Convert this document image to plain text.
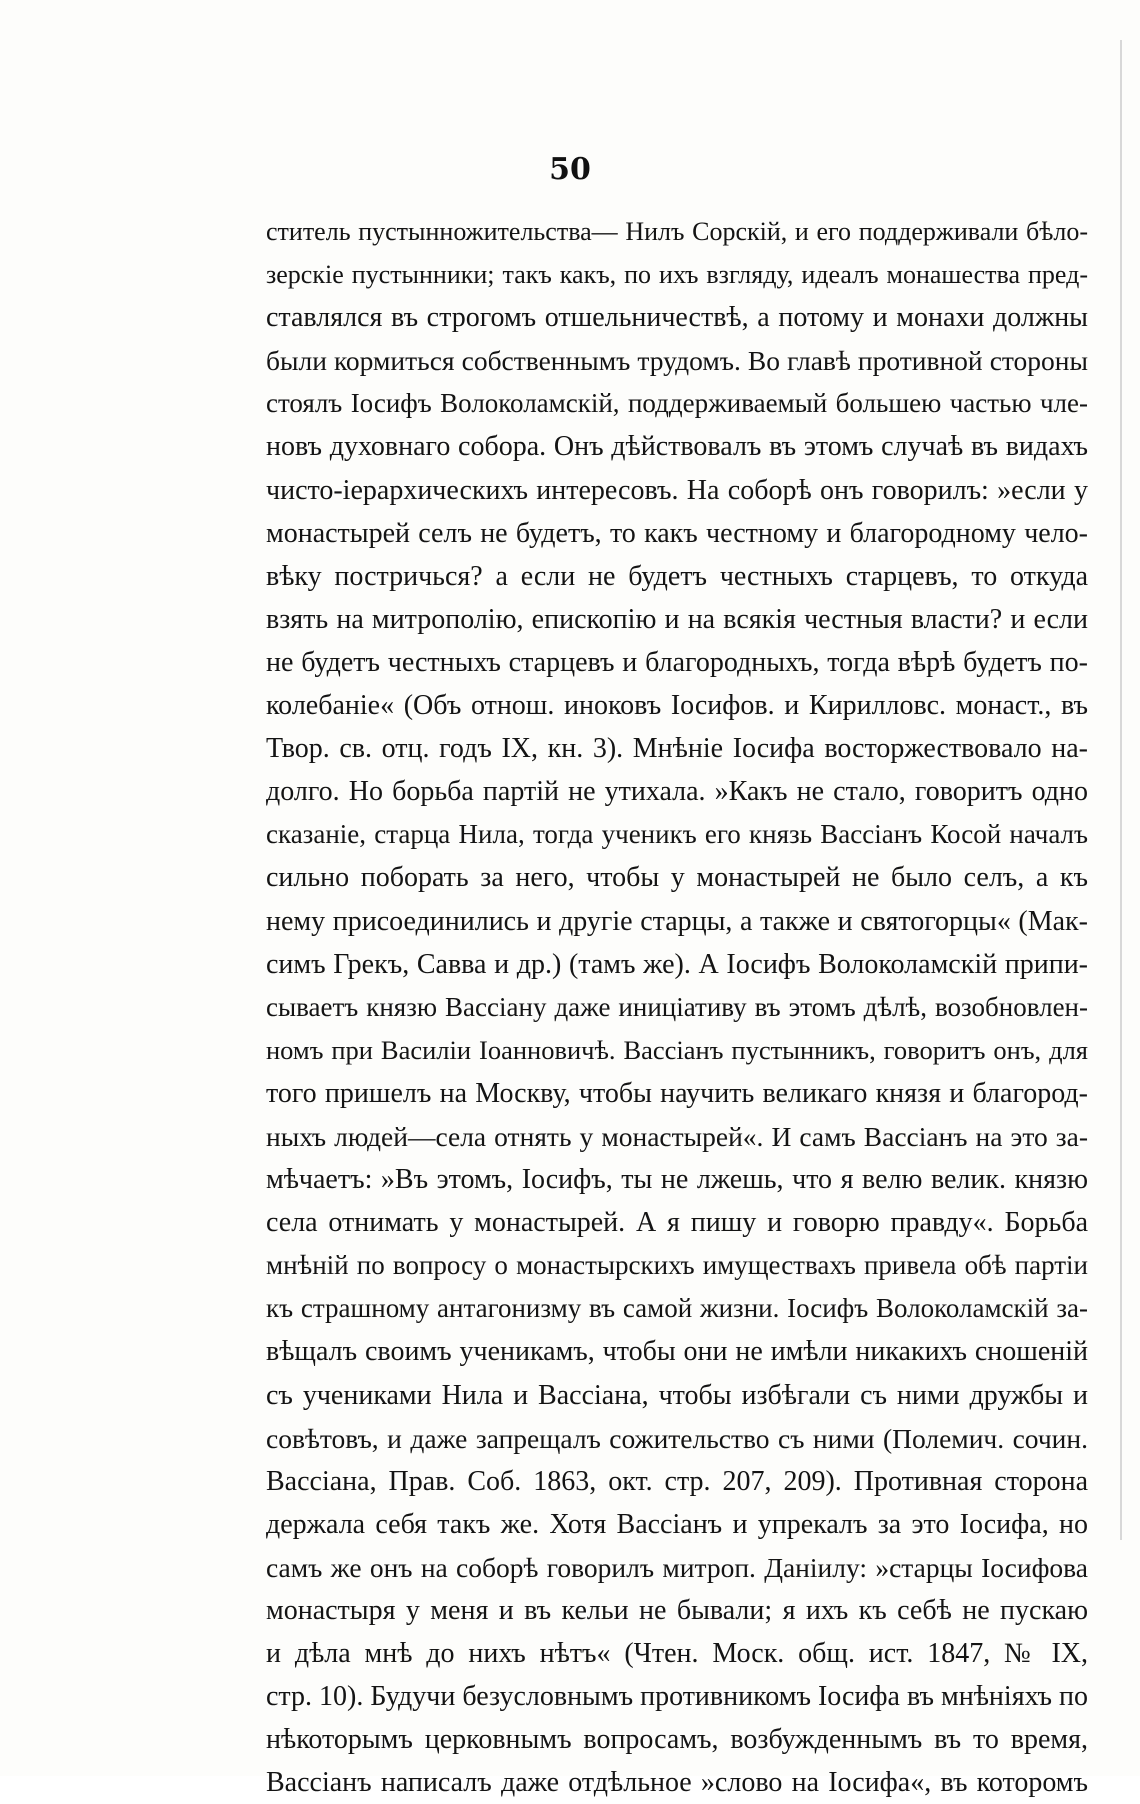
50
ститель пустынножительства— Нилъ Сорскій, и его поддерживали бѣло-
зерскіе пустынники; такъ какъ, по ихъ взгляду, идеалъ монашества пред-
ставлялся въ строгомъ отшельничествѣ, а потому и монахи должны
были кормиться собственнымъ трудомъ. Во главѣ противной стороны
стоялъ Іосифъ Волоколамскій, поддерживаемый большею частью чле-
новъ духовнаго собора. Онъ дѣйствовалъ въ этомъ случаѣ въ видахъ
чисто-іерархическихъ интересовъ. На соборѣ онъ говорилъ: »если у
монастырей селъ не будетъ, то какъ честному и благородному чело-
вѣку постричься? а если не будетъ честныхъ старцевъ, то откуда
взять на митрополію, епископію и на всякія честныя власти? и если
не будетъ честныхъ старцевъ и благородныхъ, тогда вѣрѣ будетъ по-
колебаніе« (Объ отнош. иноковъ Іосифов. и Кирилловс. монаст., въ
Твор. св. отц. годъ IX, кн. 3). Мнѣніе Іосифа восторжествовало на-
долго. Но борьба партій не утихала. »Какъ не стало, говоритъ одно
сказаніе, старца Нила, тогда ученикъ его князь Вассіанъ Косой началъ
сильно поборать за него, чтобы у монастырей не было селъ, а къ
нему присоединились и другіе старцы, а также и святогорцы« (Мак-
симъ Грекъ, Савва и др.) (тамъ же). А Іосифъ Волоколамскій припи-
сываетъ князю Вассіану даже иниціативу въ этомъ дѣлѣ, возобновлен-
номъ при Василіи Іоанновичѣ. Вассіанъ пустынникъ, говоритъ онъ, для
того пришелъ на Москву, чтобы научить великаго князя и благород-
ныхъ людей—села отнять у монастырей«. И самъ Вассіанъ на это за-
мѣчаетъ: »Въ этомъ, Іосифъ, ты не лжешь, что я велю велик. князю
села отнимать у монастырей. А я пишу и говорю правду«. Борьба
мнѣній по вопросу о монастырскихъ имуществахъ привела обѣ партіи
къ страшному антагонизму въ самой жизни. Іосифъ Волоколамскій за-
вѣщалъ своимъ ученикамъ, чтобы они не имѣли никакихъ сношеній
съ учениками Нила и Вассіана, чтобы избѣгали съ ними дружбы и
совѣтовъ, и даже запрещалъ сожительство съ ними (Полемич. сочин.
Вассіана, Прав. Соб. 1863, окт. стр. 207, 209). Противная сторона
держала себя такъ же. Хотя Вассіанъ и упрекалъ за это Іосифа, но
самъ же онъ на соборѣ говорилъ митроп. Даніилу: »старцы Іосифова
монастыря у меня и въ кельи не бывали; я ихъ къ себѣ не пускаю
и дѣла мнѣ до нихъ нѣтъ« (Чтен. Моск. общ. ист. 1847, № IX,
стр. 10). Будучи безусловнымъ противникомъ Іосифа въ мнѣніяхъ по
нѣкоторымъ церковнымъ вопросамъ, возбужденнымъ въ то время,
Вассіанъ написалъ даже отдѣльное »слово на Іосифа«, въ которомъ
